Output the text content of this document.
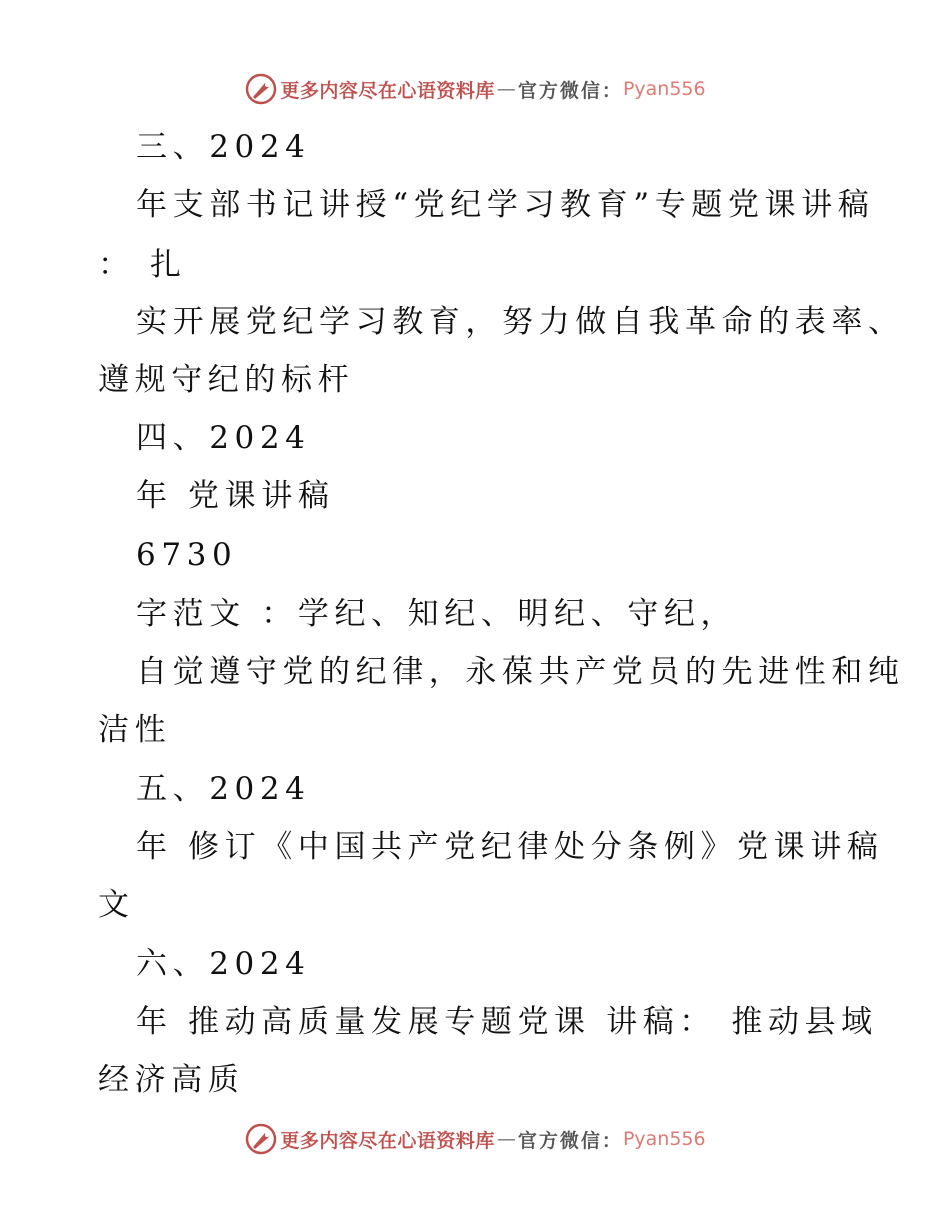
更多内容尽在心语资料库 — 官方微信： Pyan556
三、2024
年支部书记讲授“党纪学习教育”专题党课讲稿
： 扎
实开展党纪学习教育，努力做自我革命的表率、
遵规守纪的标杆
四、2024
年 党课讲稿
6730
字范文 ：学纪、知纪、明纪、守纪，
自觉遵守党的纪律，永葆共产党员的先进性和纯
洁性
五、2024
年 修订《中国共产党纪律处分条例》党课讲稿
文
六、2024
年 推动高质量发展专题党课 讲稿： 推动县域
经济高质
更多内容尽在心语资料库 — 官方微信： Pyan556
